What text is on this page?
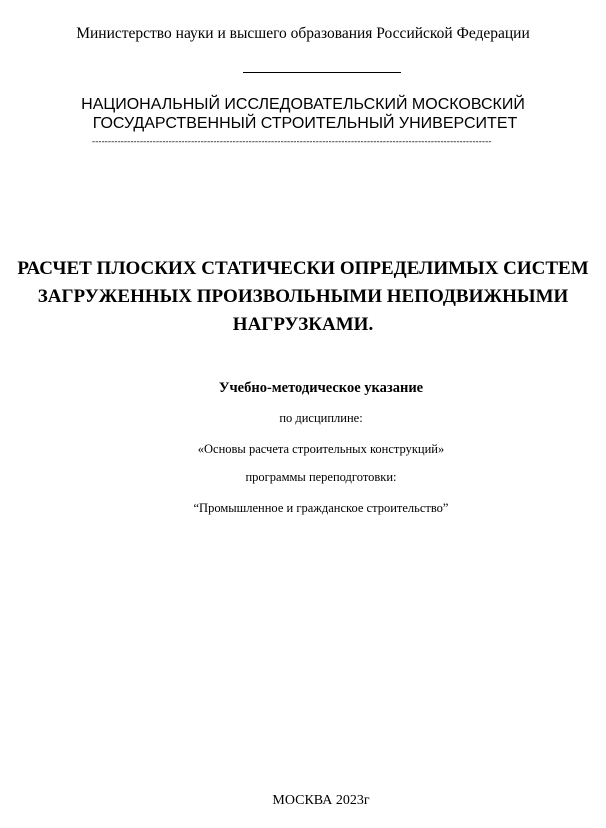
Министерство науки и высшего образования Российской Федерации
НАЦИОНАЛЬНЫЙ ИССЛЕДОВАТЕЛЬСКИЙ МОСКОВСКИЙ
ГОСУДАРСТВЕННЫЙ СТРОИТЕЛЬНЫЙ УНИВЕРСИТЕТ
-----------------------------------------------------------------------------------------------------------------------------
РАСЧЕТ ПЛОСКИХ СТАТИЧЕСКИ ОПРЕДЕЛИМЫХ СИСТЕМ
ЗАГРУЖЕННЫХ ПРОИЗВОЛЬНЫМИ НЕПОДВИЖНЫМИ
НАГРУЗКАМИ.
Учебно-методическое указание
по дисциплине:
«Основы расчета строительных конструкций»
программы переподготовки:
“Промышленное и гражданское строительство”
МОСКВА 2023г
